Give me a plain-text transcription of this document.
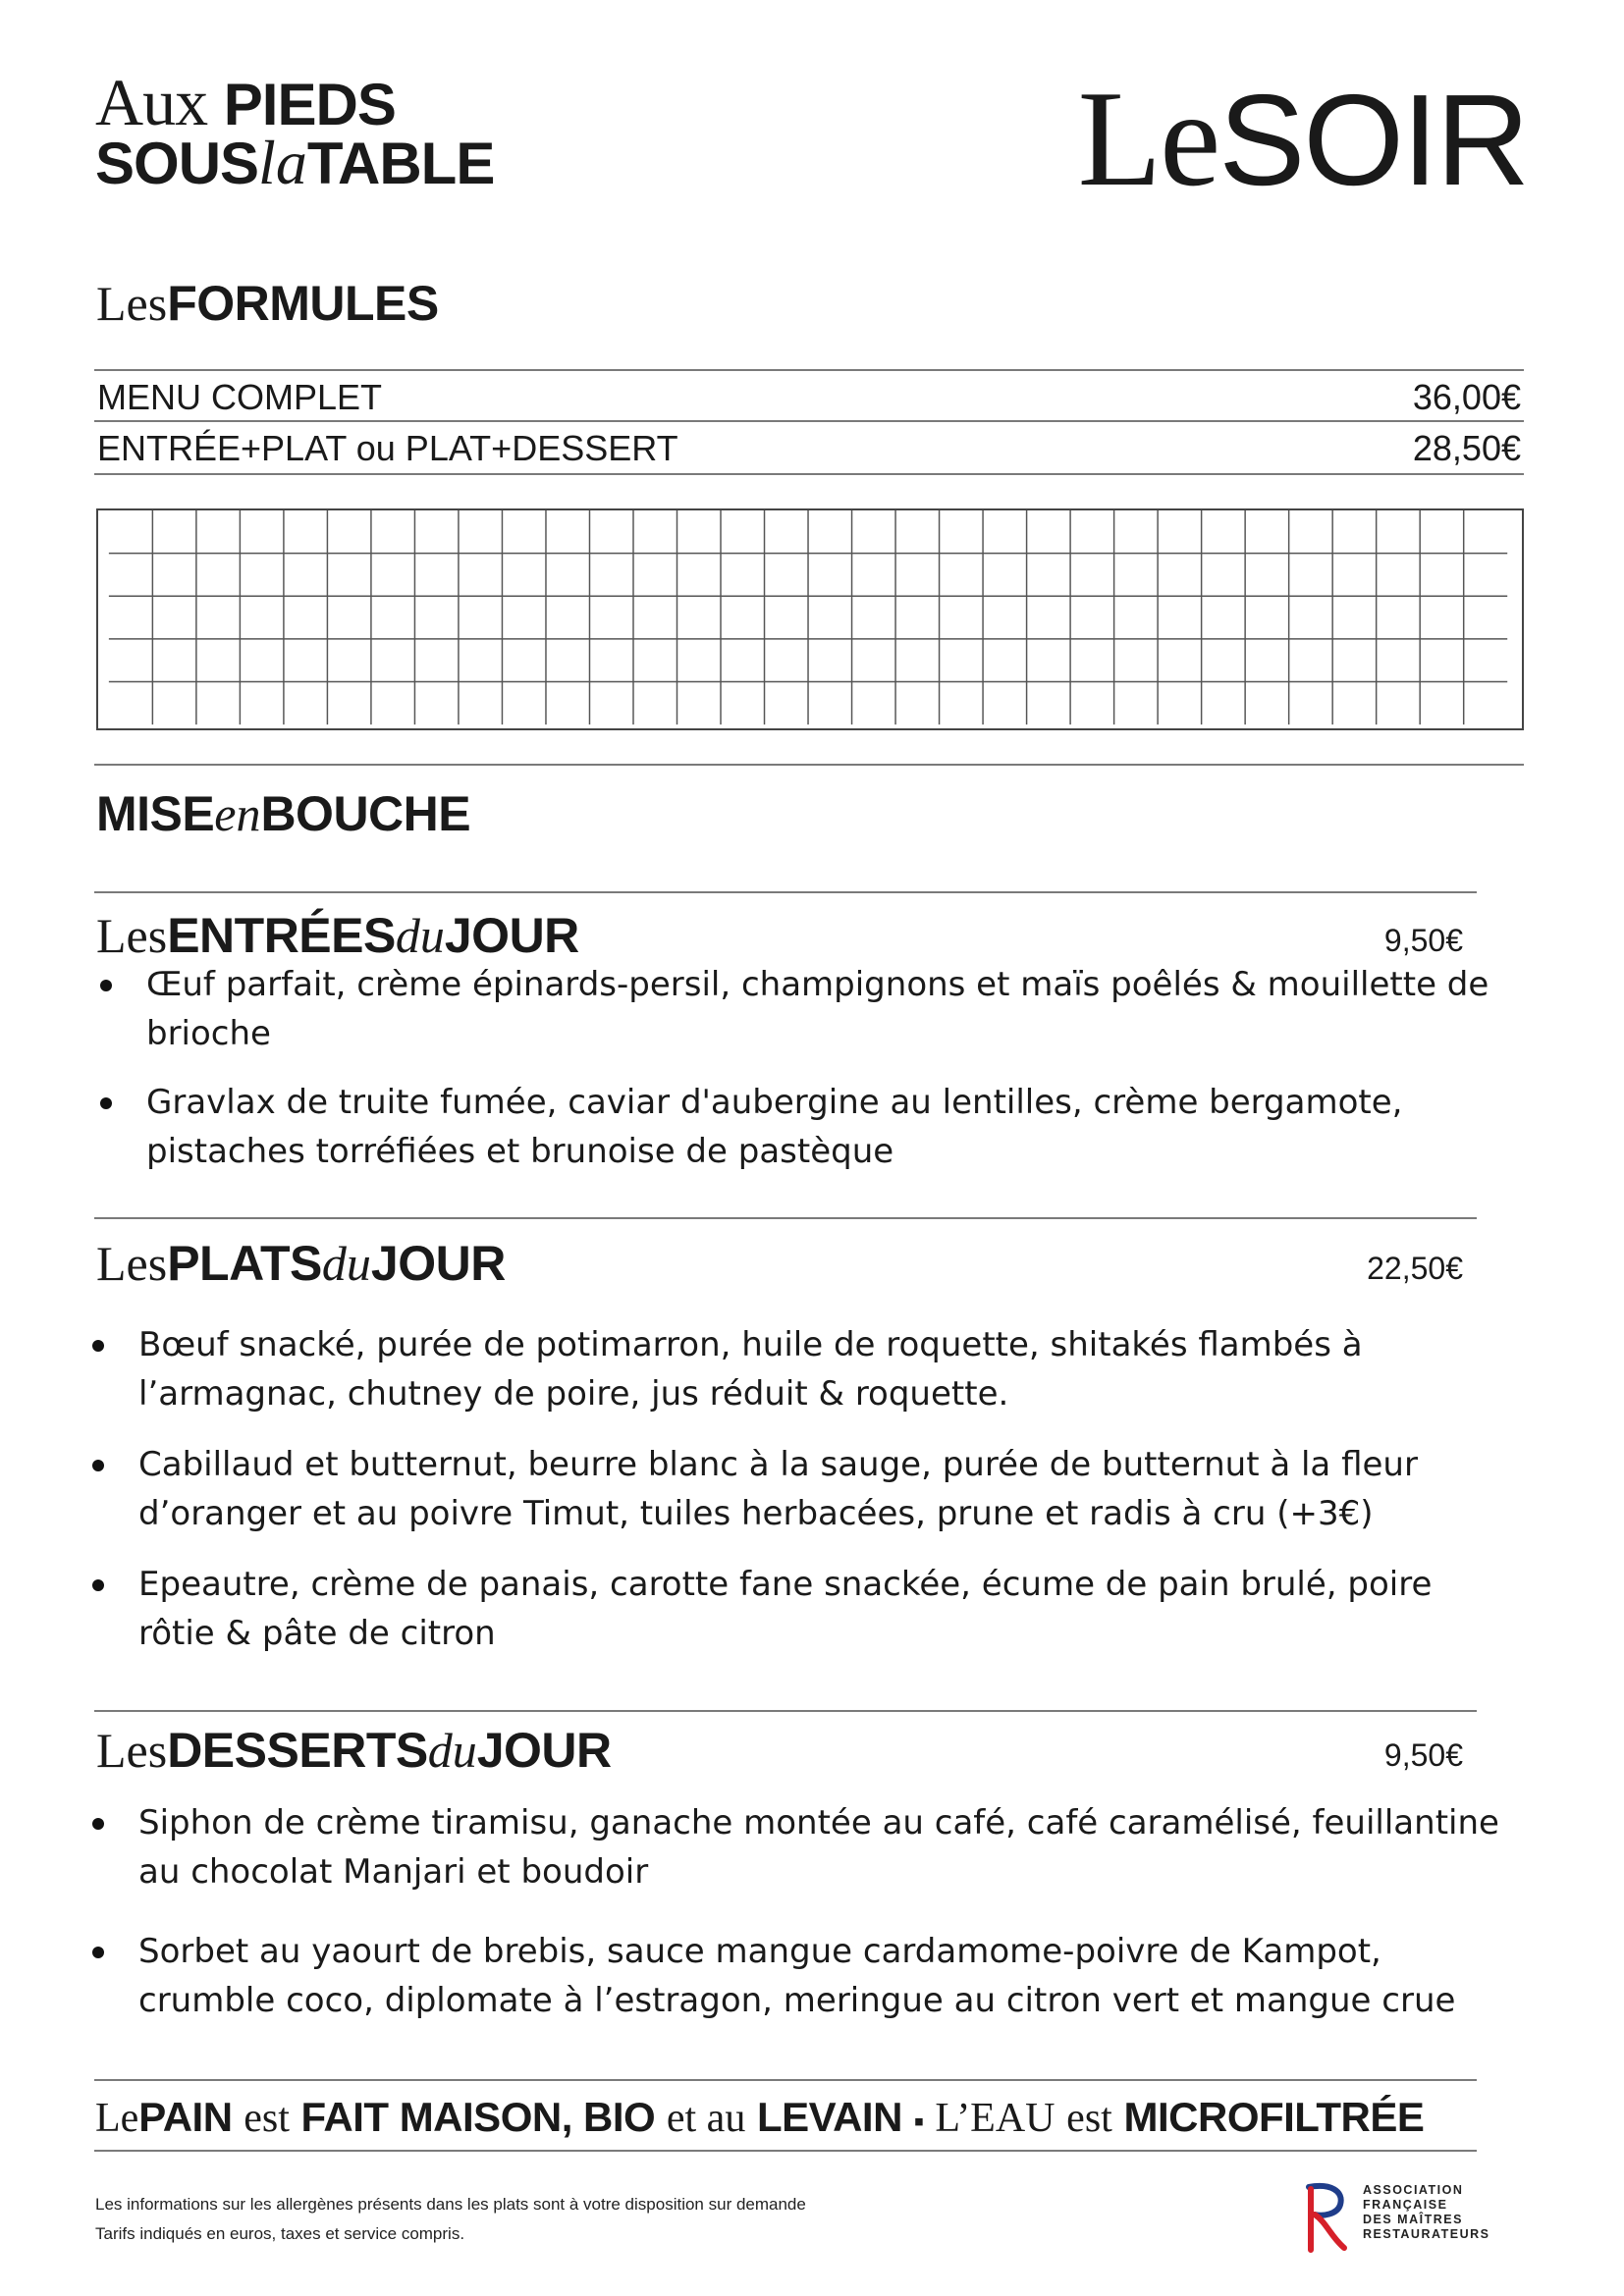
Aux PIEDS
SOUSlaTABLE	LeSOIR
LesFORMULES
MENU COMPLET	36,00€
ENTRÉE+PLAT ou PLAT+DESSERT	28,50€
MISEenBOUCHE
LesENTRÉESduJOUR	9,50€
Œuf parfait, crème épinards-persil, champignons et maïs poêlés & mouillette de brioche
Gravlax de truite fumée, caviar d'aubergine au lentilles, crème bergamote, pistaches torréfiées et brunoise de pastèque
LesPLATSduJOUR	22,50€
Bœuf snacké, purée de potimarron, huile de roquette, shitakés flambés à l’armagnac, chutney de poire, jus réduit & roquette.
Cabillaud et butternut, beurre blanc à la sauge, purée de butternut à la fleur d’oranger et au poivre Timut, tuiles herbacées, prune et radis à cru (+3€)
Epeautre, crème de panais, carotte fane snackée, écume de pain brulé, poire rôtie & pâte de citron
LesDESSERTSduJOUR	9,50€
Siphon de crème tiramisu, ganache montée au café, café caramélisé, feuillantine au chocolat Manjari et boudoir
Sorbet au yaourt de brebis, sauce mangue cardamome-poivre de Kampot, crumble coco, diplomate à l’estragon, meringue au citron vert et mangue crue
LePAIN est FAIT MAISON, BIO et au LEVAIN ▪ L’EAU est MICROFILTRÉE
Les informations sur les allergènes présents dans les plats sont à votre disposition sur demande
Tarifs indiqués en euros, taxes et service compris.
ASSOCIATION
FRANÇAISE
DES MAÎTRES
RESTAURATEURS
